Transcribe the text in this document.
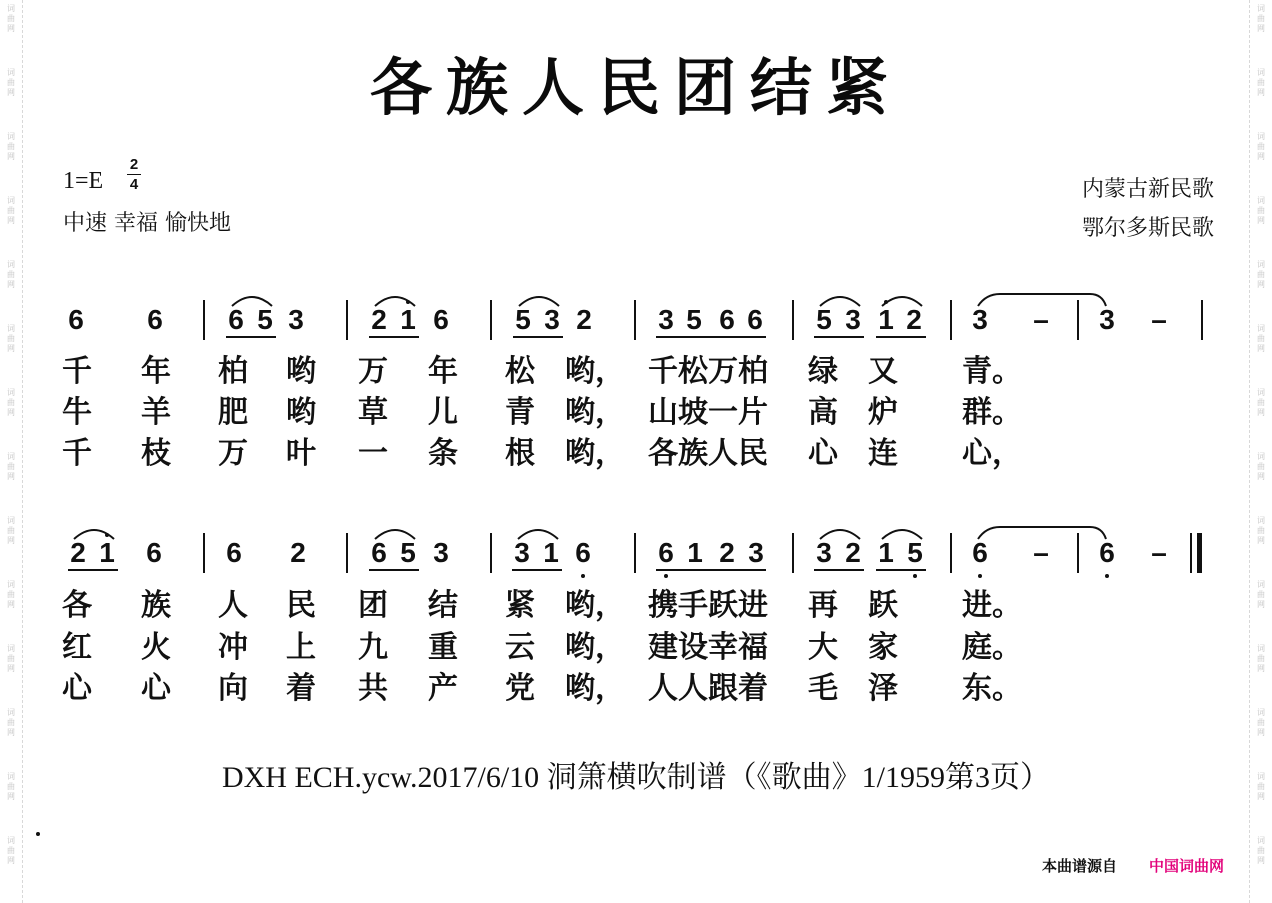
词
曲
网
词
曲
网
词
曲
网
词
曲
网
词
曲
网
词
曲
网
词
曲
网
词
曲
网
词
曲
网
词
曲
网
词
曲
网
词
曲
网
词
曲
网
词
曲
网
词
曲
网
词
曲
网
词
曲
网
词
曲
网
词
曲
网
词
曲
网
词
曲
网
词
曲
网
词
曲
网
词
曲
网
词
曲
网
词
曲
网
词
曲
网
词
曲
网
各族人民团结紧
1=E
2
4
中速 幸福 愉快地
内蒙古新民歌
鄂尔多斯民歌
6 6 6 5 3 2 1 6 5 3 2 3 5 6 6 5 3 1 2 3 – 3 –
千 年 柏 哟 万 年 松 哟， 千松万柏 绿 又 青。
牛 羊 肥 哟 草 儿 青 哟， 山坡一片 高 炉 群。
千 枝 万 叶 一 条 根 哟， 各族人民 心 连 心，
2 1 6 6 2 6 5 3 3 1 6 6 1 2 3 3 2 1 5 6 – 6 –
各 族 人 民 团 结 紧 哟， 携手跃进 再 跃 进。
红 火 冲 上 九 重 云 哟， 建设幸福 大 家 庭。
心 心 向 着 共 产 党 哟， 人人跟着 毛 泽 东。
DXH ECH.ycw.2017/6/10 洞箫横吹制谱（《歌曲》1/1959第3页）
本曲谱源自 中国词曲网
